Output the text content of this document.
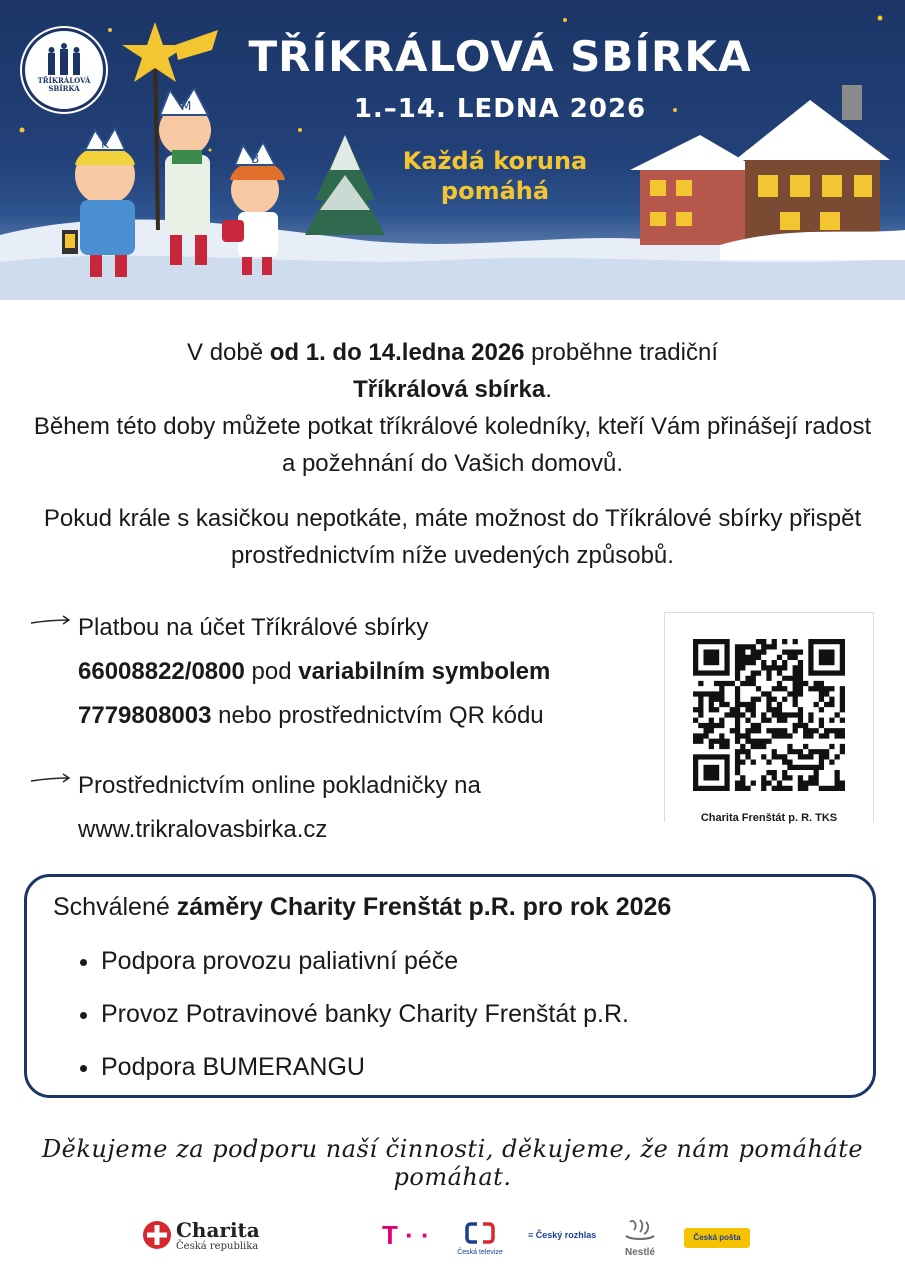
K
M
B
TŘÍKRÁLOVÁ
SBÍRKA
TŘÍKRÁLOVÁ SBÍRKA
1.–14. LEDNA 2026
Každá koruna
pomáhá
V době od 1. do 14.ledna 2026 proběhne tradiční
Tříkrálová sbírka.
Během této doby můžete potkat tříkrálové koledníky, kteří Vám přinášejí radost a požehnání do Vašich domovů.
Pokud krále s kasičkou nepotkáte, máte možnost do Tříkrálové sbírky přispět prostřednictvím níže uvedených způsobů.
Platbou na účet Tříkrálové sbírky
66008822/0800 pod variabilním symbolem
7779808003 nebo prostřednictvím QR kódu
Prostřednictvím online pokladničky na
www.trikralovasbirka.cz	Charita Frenštát p. R. TKS
Schválené záměry Charity Frenštát p.R. pro rok 2026
• Podpora provozu paliativní péče
• Provoz Potravinové banky Charity Frenštát p.R.
• Podpora BUMERANGU
Děkujeme za podporu naší činnosti, děkujeme, že nám pomáháte pomáhat.
Charita
Česká republika	T · ·
Česká televize
≡ Český rozhlas
Nestlé
Česká pošta
